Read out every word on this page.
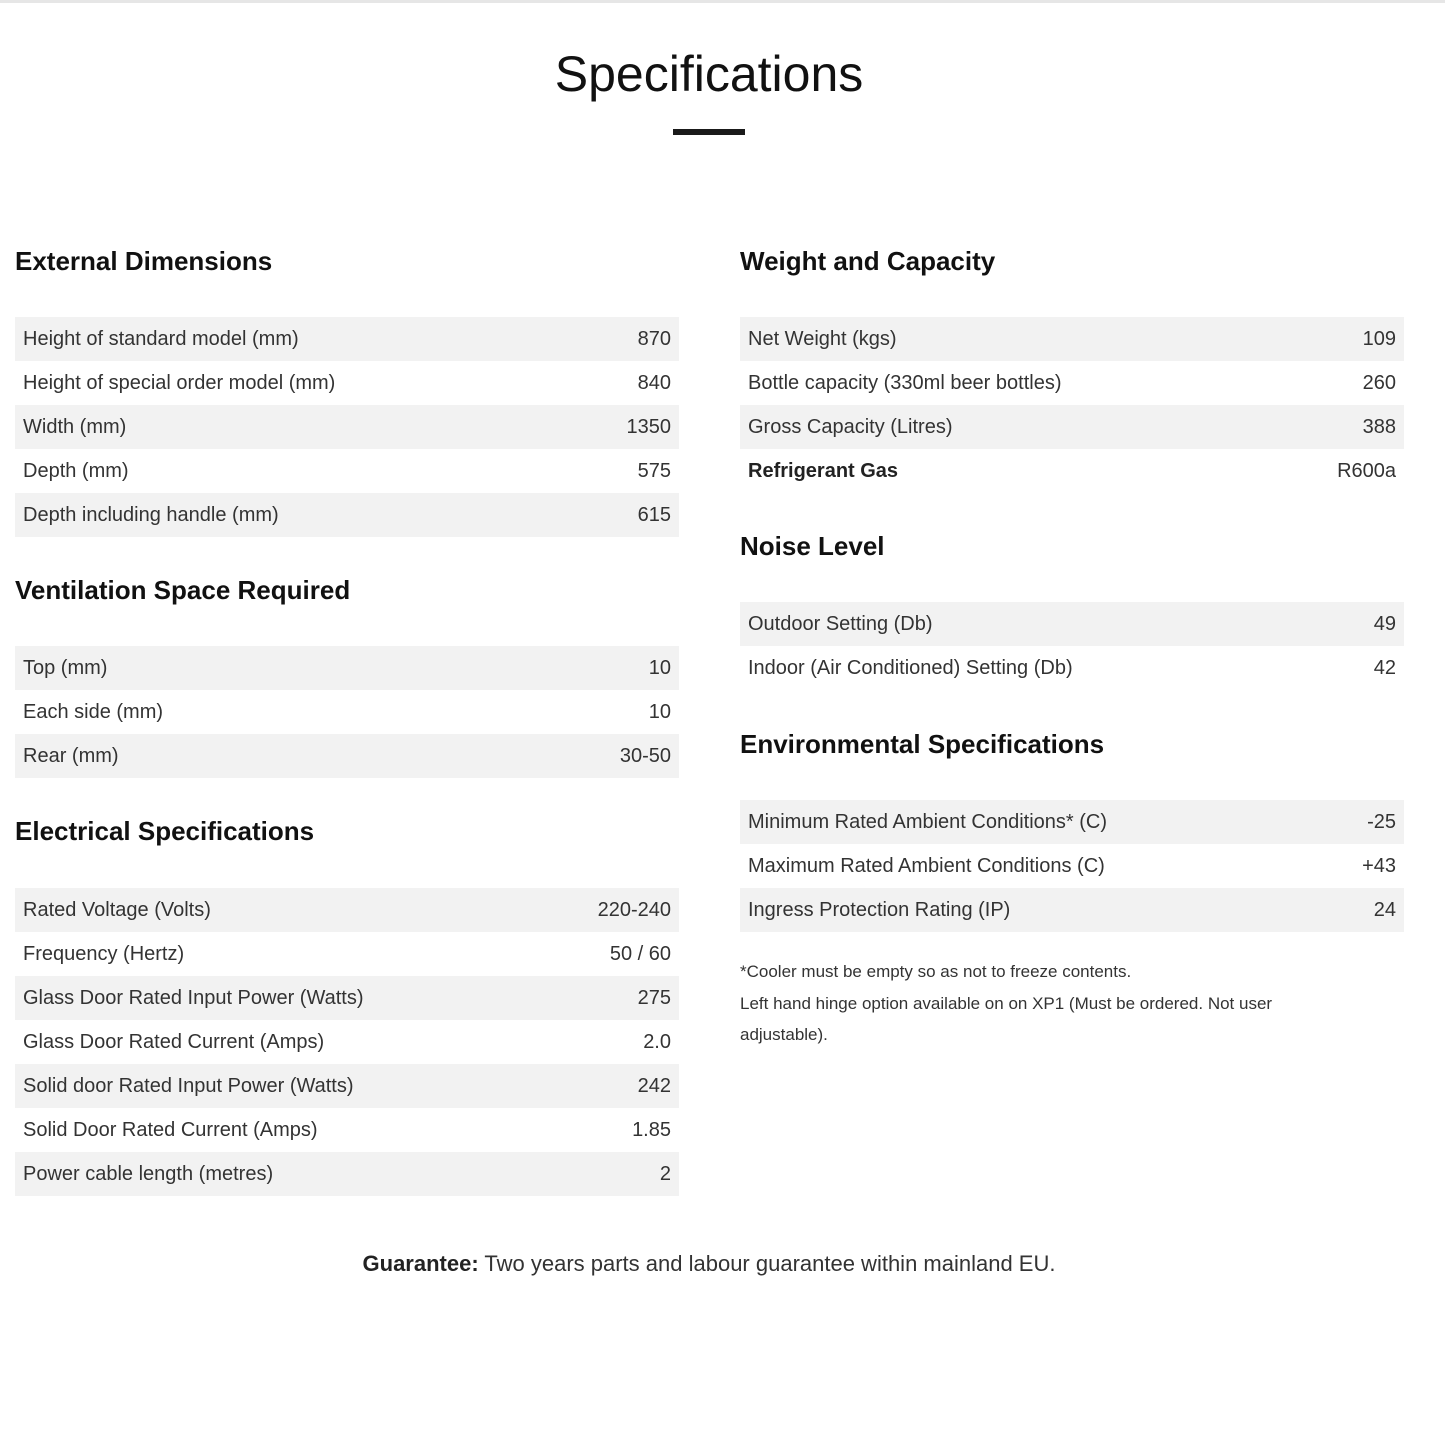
Specifications
External Dimensions
Height of standard model (mm)	870
Height of special order model (mm)	840
Width (mm)	1350
Depth (mm)	575
Depth including handle (mm)	615
Ventilation Space Required
Top (mm)	10
Each side (mm)	10
Rear (mm)	30-50
Electrical Specifications
Rated Voltage (Volts)	220-240
Frequency (Hertz)	50 / 60
Glass Door Rated Input Power (Watts)	275
Glass Door Rated Current (Amps)	2.0
Solid door Rated Input Power (Watts)	242
Solid Door Rated Current (Amps)	1.85
Power cable length (metres)	2
Weight and Capacity
Net Weight (kgs)	109
Bottle capacity (330ml beer bottles)	260
Gross Capacity (Litres)	388
Refrigerant Gas	R600a
Noise Level
Outdoor Setting (Db)	49
Indoor (Air Conditioned) Setting (Db)	42
Environmental Specifications
Minimum Rated Ambient Conditions* (C)	-25
Maximum Rated Ambient Conditions (C)	+43
Ingress Protection Rating (IP)	24

*Cooler must be empty so as not to freeze contents.

Left hand hinge option available on on XP1 (Must be ordered. Not user adjustable).

Guarantee: Two years parts and labour guarantee within mainland EU.
